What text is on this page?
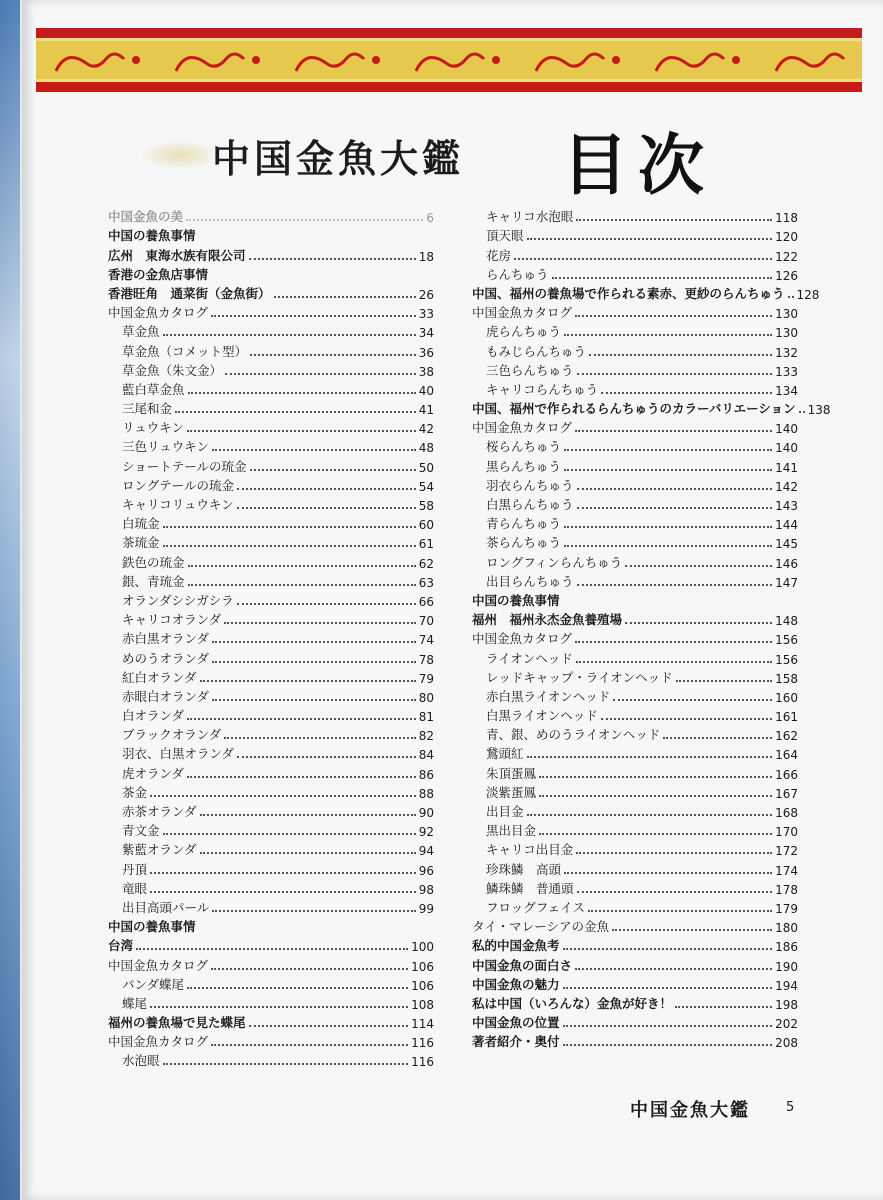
中国金魚大鑑 目次
中国金魚の美	6
中国の養魚事情
広州　東海水族有限公司	18
香港の金魚店事情
香港旺角　通菜街（金魚街）	26
中国金魚カタログ	33
草金魚	34
草金魚（コメット型）	36
草金魚（朱文金）	38
藍白草金魚	40
三尾和金	41
リュウキン	42
三色リュウキン	48
ショートテールの琉金	50
ロングテールの琉金	54
キャリコリュウキン	58
白琉金	60
茶琉金	61
鉄色の琉金	62
銀、青琉金	63
オランダシシガシラ	66
キャリコオランダ	70
赤白黒オランダ	74
めのうオランダ	78
紅白オランダ	79
赤眼白オランダ	80
白オランダ	81
ブラックオランダ	82
羽衣、白黒オランダ	84
虎オランダ	86
茶金	88
赤茶オランダ	90
青文金	92
紫藍オランダ	94
丹頂	96
竜眼	98
出目高頭パール	99
中国の養魚事情
台湾	100
中国金魚カタログ	106
パンダ蝶尾	106
蝶尾	108
福州の養魚場で見た蝶尾	114
中国金魚カタログ	116
水泡眼	116
キャリコ水泡眼	118
頂天眼	120
花房	122
らんちゅう	126
中国、福州の養魚場で作られる素赤、更紗のらんちゅう 128
中国金魚カタログ	130
虎らんちゅう	130
もみじらんちゅう	132
三色らんちゅう	133
キャリコらんちゅう	134
中国、福州で作られるらんちゅうのカラーバリエーション 138
中国金魚カタログ	140
桜らんちゅう	140
黒らんちゅう	141
羽衣らんちゅう	142
白黒らんちゅう	143
青らんちゅう	144
茶らんちゅう	145
ロングフィンらんちゅう	146
出目らんちゅう	147
中国の養魚事情
福州　福州永杰金魚養殖場	148
中国金魚カタログ	156
ライオンヘッド	156
レッドキャップ・ライオンヘッド	158
赤白黒ライオンヘッド	160
白黒ライオンヘッド	161
青、銀、めのうライオンヘッド	162
鵞頭紅	164
朱頂蛋鳳	166
淡紫蛋鳳	167
出目金	168
黒出目金	170
キャリコ出目金	172
珍珠鱗　高頭	174
鱗珠鱗　普通頭	178
フロッグフェイス	179
タイ・マレーシアの金魚	180
私的中国金魚考	186
中国金魚の面白さ	190
中国金魚の魅力	194
私は中国（いろんな）金魚が好き！	198
中国金魚の位置	202
著者紹介・奥付	208
中国金魚大鑑	5
